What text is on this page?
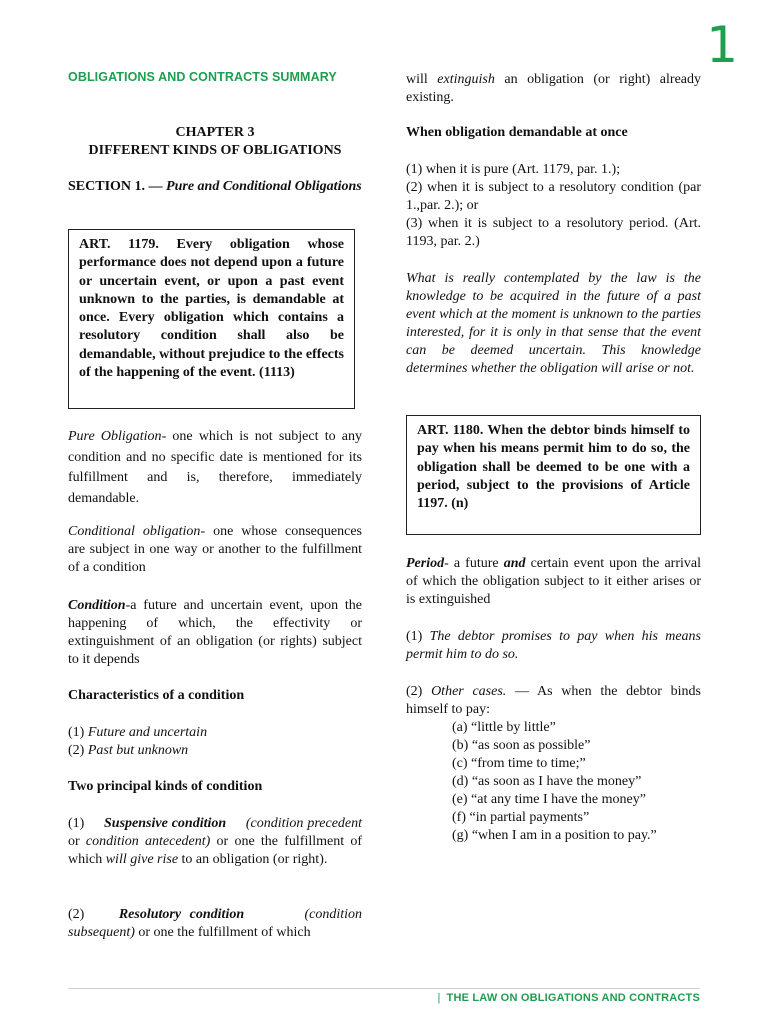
1
OBLIGATIONS AND CONTRACTS SUMMARY
CHAPTER 3
DIFFERENT KINDS OF OBLIGATIONS
SECTION 1. — Pure and Conditional Obligations
ART. 1179. Every obligation whose performance does not depend upon a future or uncertain event, or upon a past event unknown to the parties, is demandable at once. Every obligation which contains a resolutory condition shall also be demandable, without prejudice to the effects of the happening of the event. (1113)
Pure Obligation- one which is not subject to any condition and no specific date is mentioned for its fulfillment and is, therefore, immediately demandable.
Conditional obligation- one whose consequences are subject in one way or another to the fulfillment of a condition
Condition-a future and uncertain event, upon the happening of which, the effectivity or extinguishment of an obligation (or rights) subject to it depends
Characteristics of a condition
(1) Future and uncertain
(2) Past but unknown
Two principal kinds of condition
(1) Suspensive condition (condition precedent or condition antecedent) or one the fulfillment of which will give rise to an obligation (or right).
(2) Resolutory condition	(condition subsequent) or one the fulfillment of which
will extinguish an obligation (or right) already existing.
When obligation demandable at once
(1) when it is pure (Art. 1179, par. 1.);
(2) when it is subject to a resolutory condition (par 1.,par. 2.); or
(3) when it is subject to a resolutory period. (Art. 1193, par. 2.)
What is really contemplated by the law is the knowledge to be acquired in the future of a past event which at the moment is unknown to the parties interested, for it is only in that sense that the event can be deemed uncertain. This knowledge determines whether the obligation will arise or not.
ART. 1180. When the debtor binds himself to pay when his means permit him to do so, the obligation shall be deemed to be one with a period, subject to the provisions of Article 1197. (n)
Period- a future and certain event upon the arrival of which the obligation subject to it either arises or is extinguished
(1) The debtor promises to pay when his means permit him to do so.
(2) Other cases. — As when the debtor binds himself to pay:
(a) “little by little”
(b) “as soon as possible”
(c) “from time to time;”
(d) “as soon as I have the money”
(e) “at any time I have the money”
(f) “in partial payments”
(g) “when I am in a position to pay.”
| THE LAW ON OBLIGATIONS AND CONTRACTS
